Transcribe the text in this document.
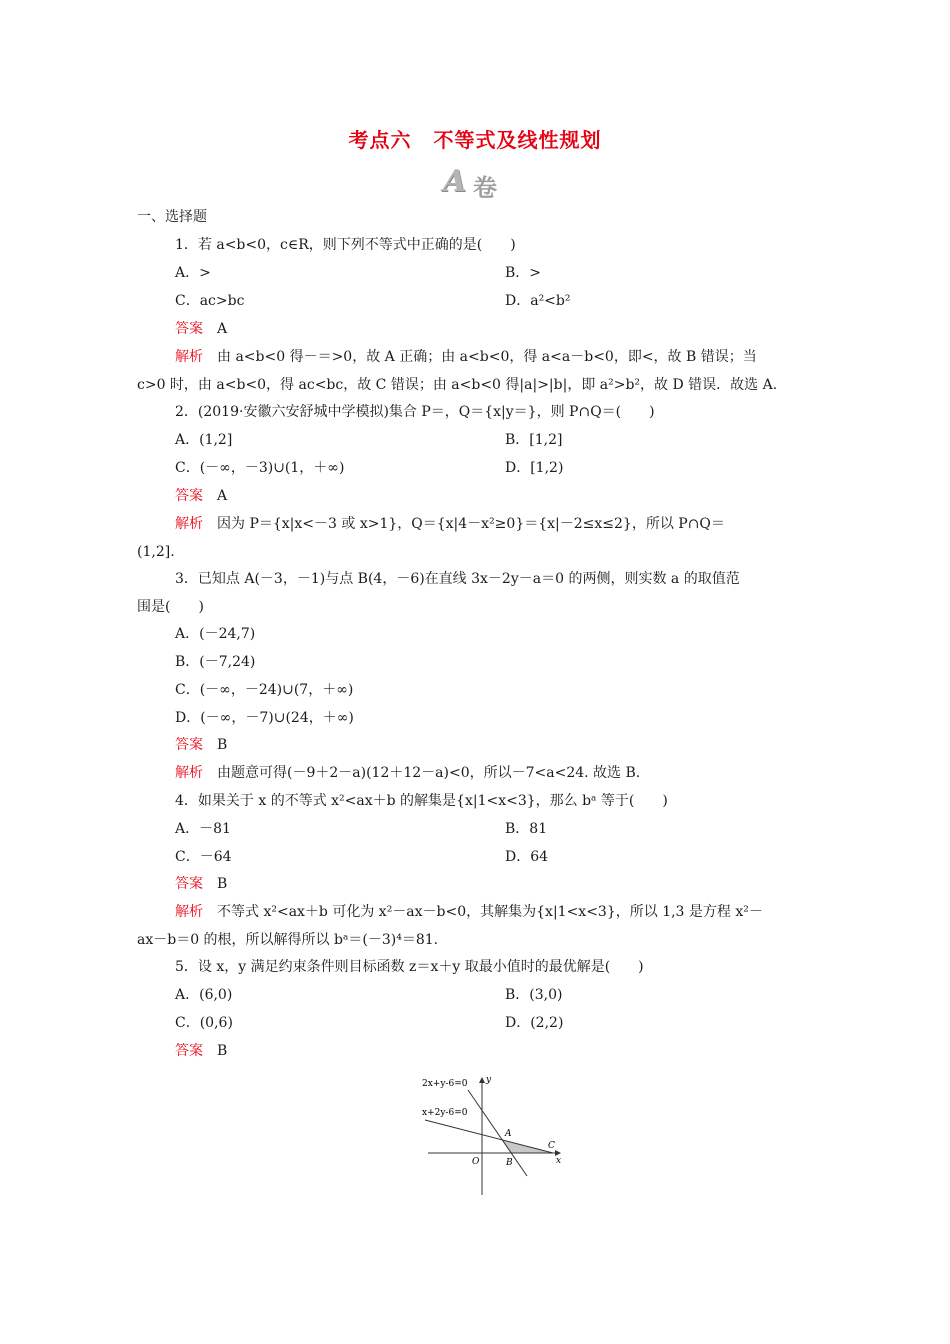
考点六 不等式及线性规划
A 卷
一、选择题
1．若 a<b<0，c∈R，则下列不等式中正确的是(　　)
A．>	B．>
C．ac>bc	D．a²<b²
答案 A
解析 由 a<b<0 得－＝>0，故 A 正确；由 a<b<0，得 a<a－b<0，即<，故 B 错误；当
c>0 时，由 a<b<0，得 ac<bc，故 C 错误；由 a<b<0 得|a|>|b|，即 a²>b²，故 D 错误．故选 A.
2．(2019·安徽六安舒城中学模拟)集合 P＝，Q＝{x|y＝}，则 P∩Q＝(　　)
A．(1,2]	B．[1,2]
C．(－∞，－3)∪(1，＋∞)	D．[1,2)
答案 A
解析 因为 P＝{x|x<－3 或 x>1}，Q＝{x|4－x²≥0}＝{x|－2≤x≤2}，所以 P∩Q＝
(1,2].
3．已知点 A(－3，－1)与点 B(4，－6)在直线 3x－2y－a＝0 的两侧，则实数 a 的取值范
围是(　　)
A．(－24,7)
B．(－7,24)
C．(－∞，－24)∪(7，＋∞)
D．(－∞，－7)∪(24，＋∞)
答案 B
解析 由题意可得(－9＋2－a)(12＋12－a)<0，所以－7<a<24. 故选 B.
4．如果关于 x 的不等式 x²<ax＋b 的解集是{x|1<x<3}，那么 bᵃ 等于(　　)
A．－81	B．81
C．－64	D．64
答案 B
解析 不等式 x²<ax＋b 可化为 x²－ax－b<0，其解集为{x|1<x<3}，所以 1,3 是方程 x²－
ax－b＝0 的根，所以解得所以 bᵃ＝(－3)⁴＝81.
5．设 x，y 满足约束条件则目标函数 z＝x＋y 取最小值时的最优解是(　　)
A．(6,0)	B．(3,0)
C．(0,6)	D．(2,2)
答案 B
2x+y-6=0
x+2y-6=0
y
x
O
A
B
C
